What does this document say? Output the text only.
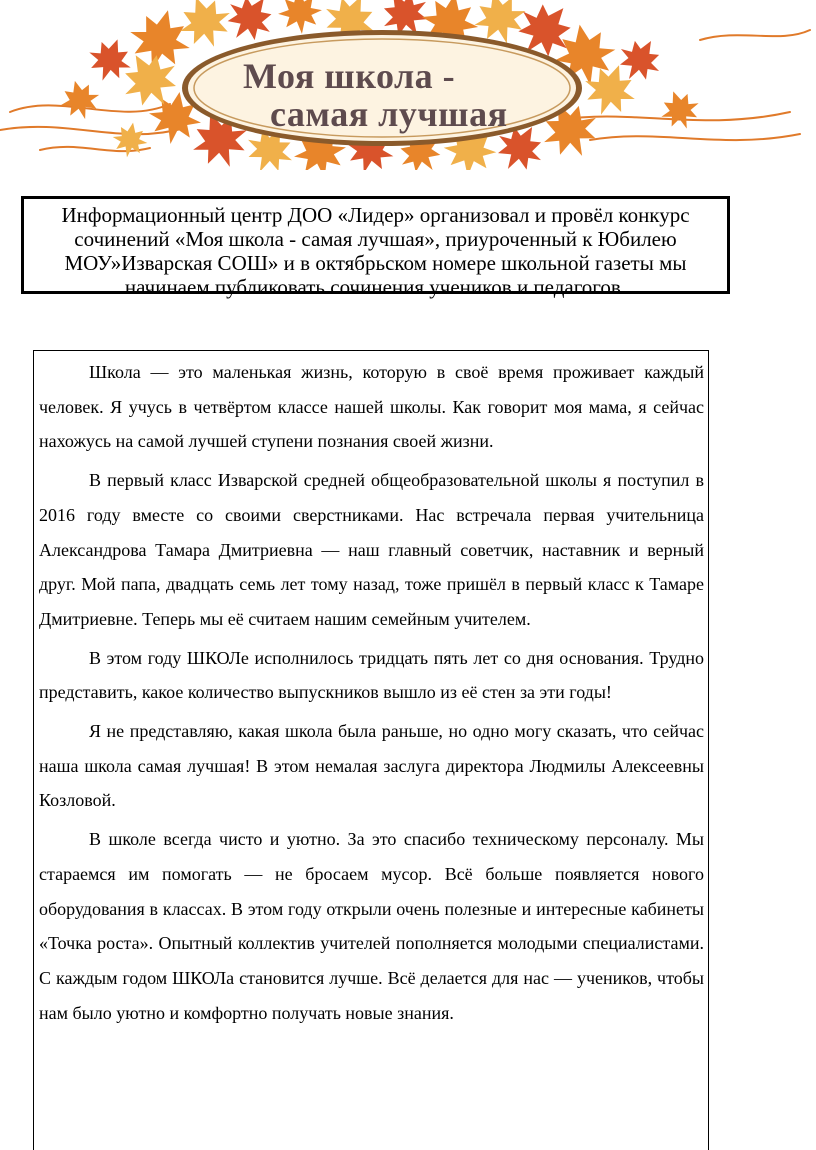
Моя школа -
самая лучшая

Информационный центр ДОО «Лидер» организовал и провёл конкурс сочинений «Моя школа - самая лучшая», приуроченный к Юбилею МОУ»Изварская СОШ» и в октябрьском номере школьной газеты мы начинаем публиковать сочинения учеников и педагогов.

Школа — это маленькая жизнь, которую в своё время проживает каждый человек. Я учусь в четвёртом классе нашей школы. Как говорит моя мама, я сейчас нахожусь на самой лучшей ступени познания своей жизни.

В первый класс Изварской средней общеобразовательной школы я поступил в 2016 году вместе со своими сверстниками. Нас встречала первая учительница Александрова Тамара Дмитриевна — наш главный советчик, наставник и верный друг. Мой папа, двадцать семь лет тому назад, тоже пришёл в первый класс к Тамаре Дмитриевне. Теперь мы её считаем нашим семейным учителем.

В этом году ШКОЛе исполнилось тридцать пять лет со дня основания. Трудно представить, какое количество выпускников вышло из её стен за эти годы!

Я не представляю, какая школа была раньше, но одно могу сказать, что сейчас наша школа самая лучшая! В этом немалая заслуга директора Людмилы Алексеевны Козловой.

В школе всегда чисто и уютно. За это спасибо техническому персоналу. Мы стараемся им помогать — не бросаем мусор. Всё больше появляется нового оборудования в классах. В этом году открыли очень полезные и интересные кабинеты «Точка роста». Опытный коллектив учителей пополняется молодыми специалистами. С каждым годом ШКОЛа становится лучше. Всё делается для нас — учеников, чтобы нам было уютно и комфортно получать новые знания.
